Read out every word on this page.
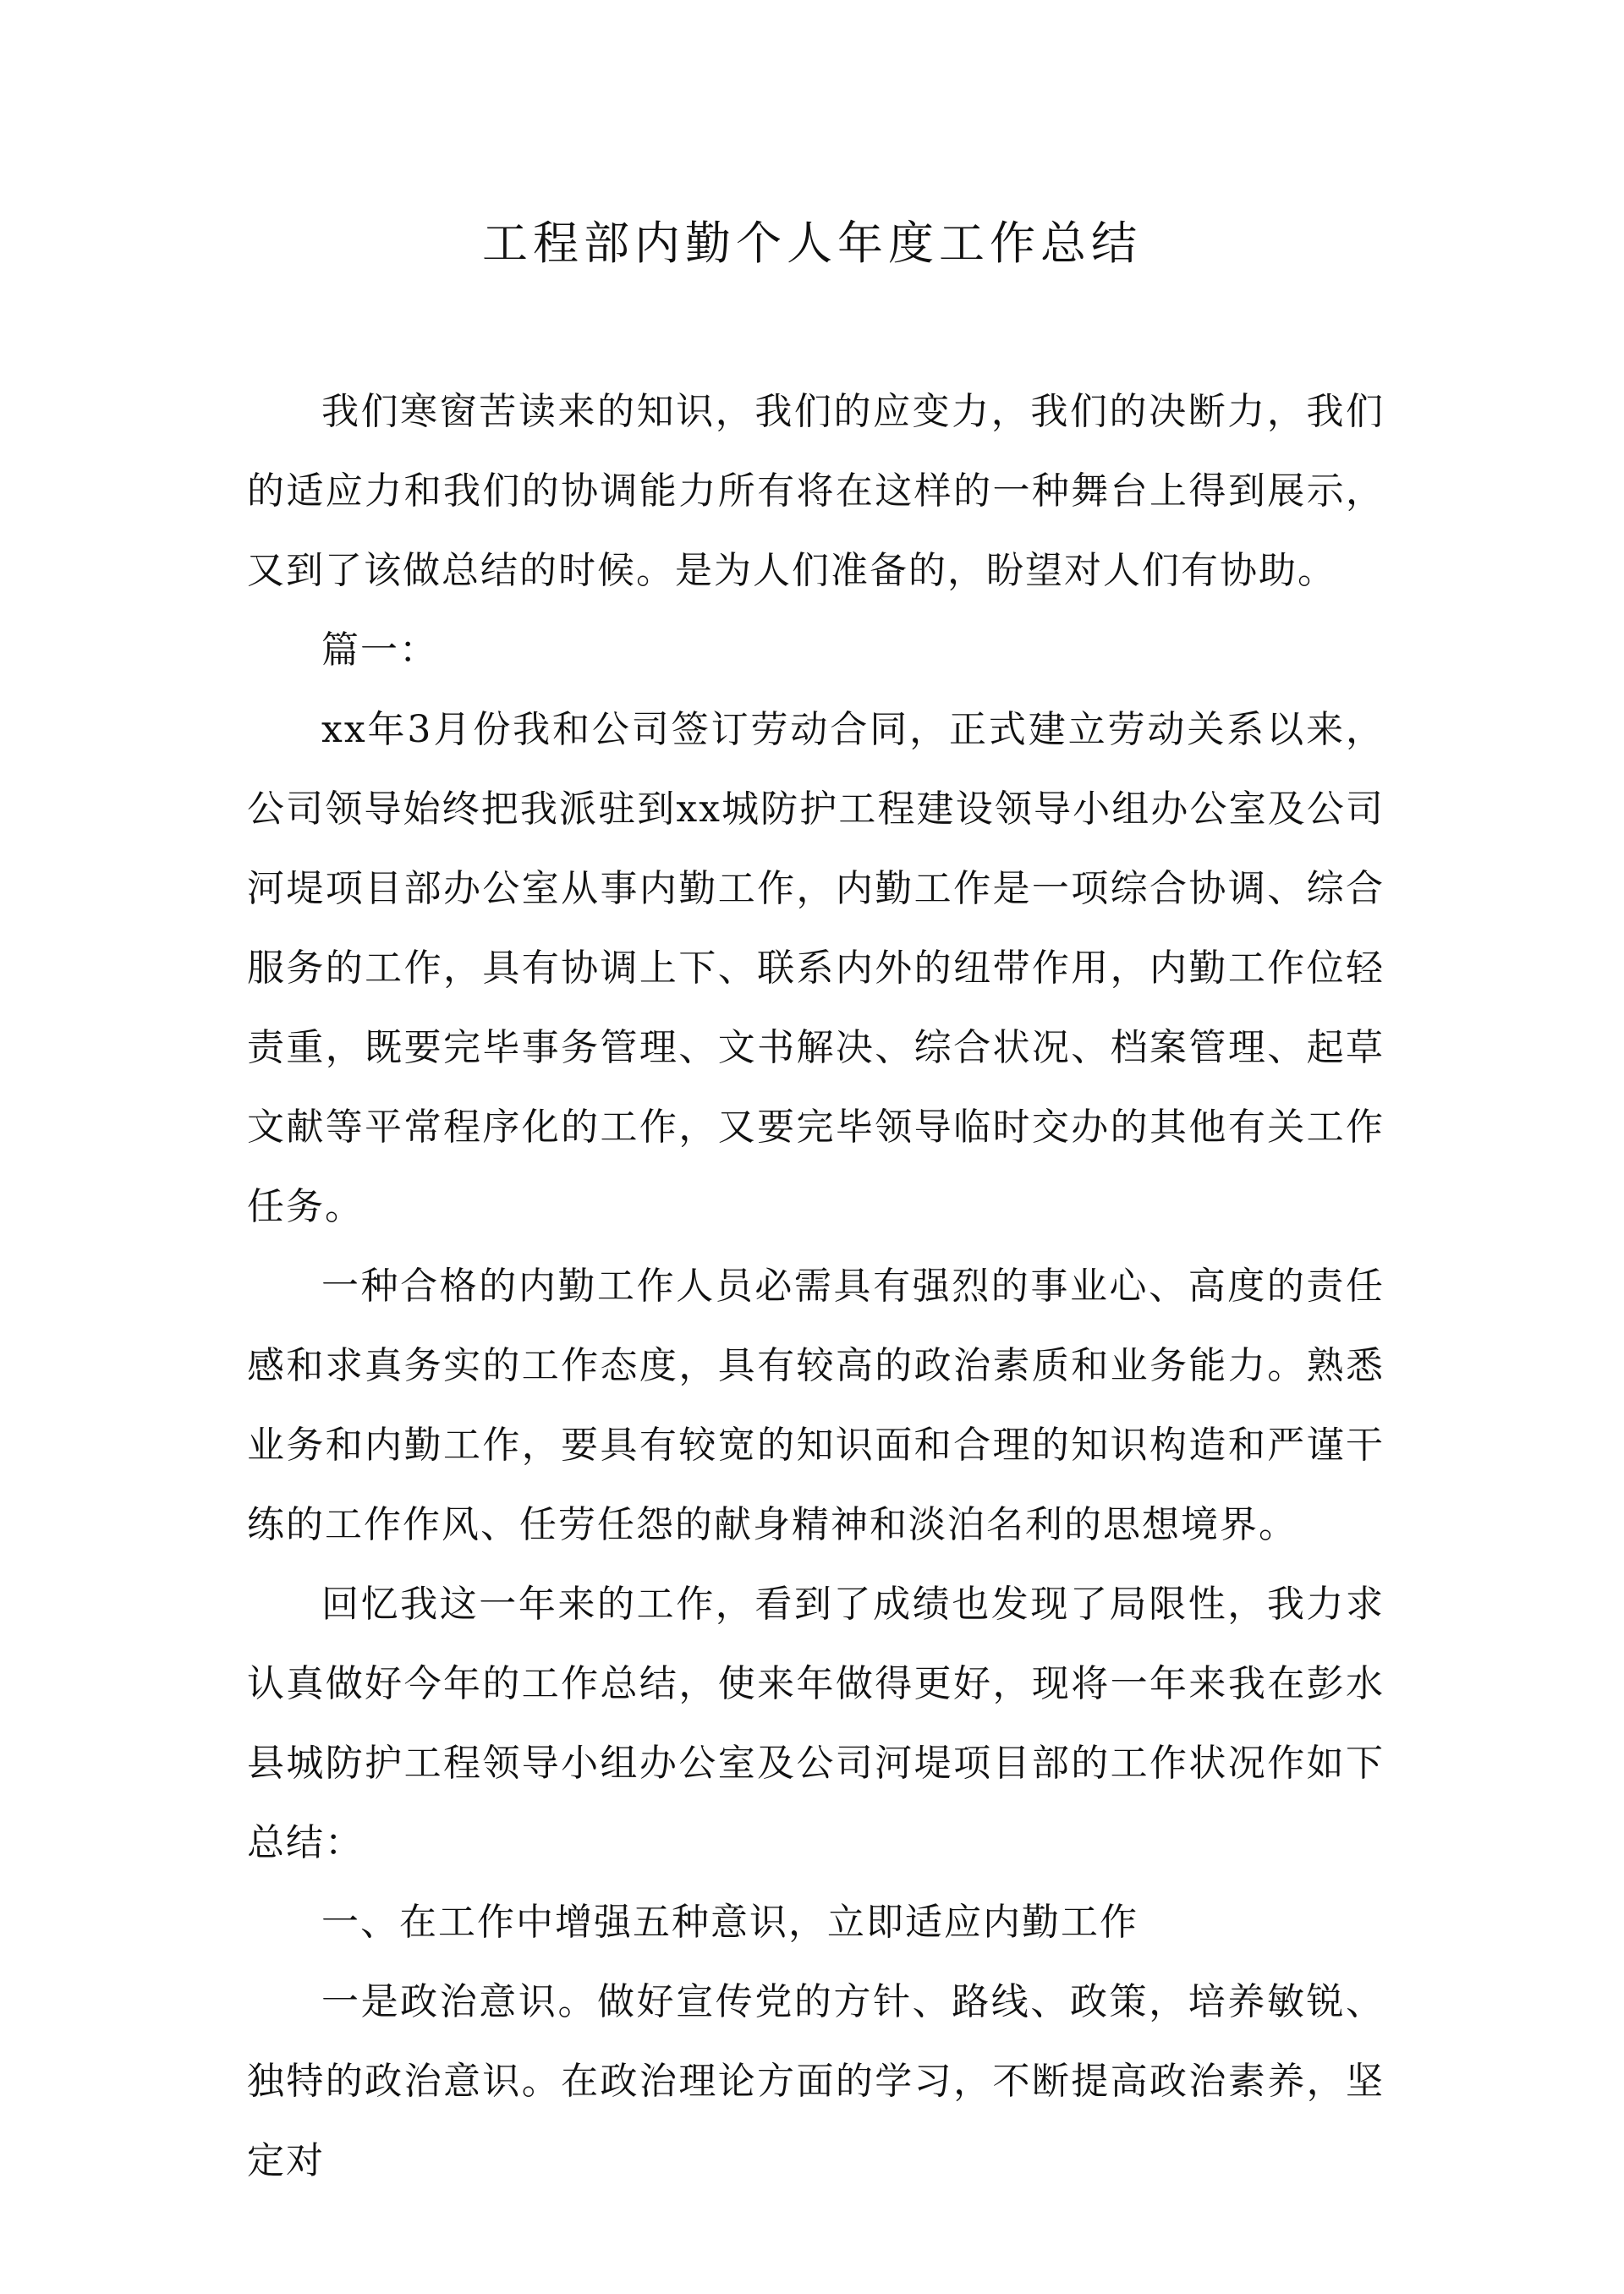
工程部内勤个人年度工作总结

我们寒窗苦读来的知识，我们的应变力，我们的决断力，我们的适应力和我们的协调能力所有将在这样的一种舞台上得到展示，又到了该做总结的时候。是为人们准备的，盼望对人们有协助。

篇一：

xx年3月份我和公司签订劳动合同，正式建立劳动关系以来，公司领导始终把我派驻到xx城防护工程建设领导小组办公室及公司河堤项目部办公室从事内勤工作，内勤工作是一项综合协调、综合服务的工作，具有协调上下、联系内外的纽带作用，内勤工作位轻责重，既要完毕事务管理、文书解决、综合状况、档案管理、起草文献等平常程序化的工作，又要完毕领导临时交办的其他有关工作任务。

一种合格的内勤工作人员必需具有强烈的事业心、高度的责任感和求真务实的工作态度，具有较高的政治素质和业务能力。熟悉业务和内勤工作，要具有较宽的知识面和合理的知识构造和严谨干练的工作作风、任劳任怨的献身精神和淡泊名利的思想境界。

回忆我这一年来的工作，看到了成绩也发现了局限性，我力求认真做好今年的工作总结，使来年做得更好，现将一年来我在彭水县城防护工程领导小组办公室及公司河堤项目部的工作状况作如下总结：

一、在工作中增强五种意识，立即适应内勤工作

一是政治意识。做好宣传党的方针、路线、政策，培养敏锐、独特的政治意识。在政治理论方面的学习，不断提高政治素养，坚定对
